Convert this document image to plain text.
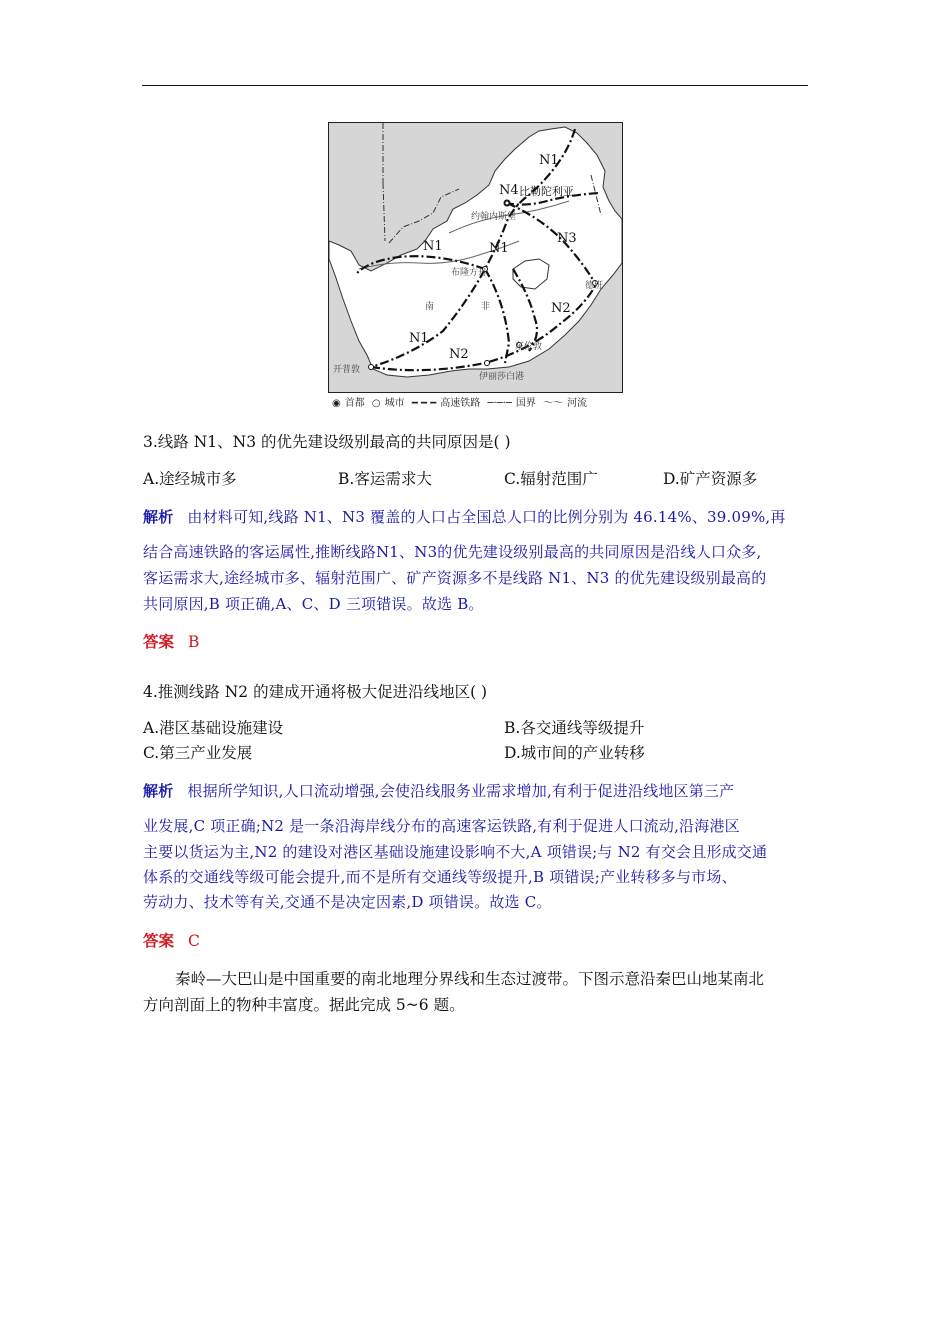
N1
N4 比勒陀利亚
约翰内斯堡
N1
N1
N3
布隆方丹
德班
南	非	N2
N1
N2	东伦敦
开普敦
伊丽莎白港
◉ 首都 ○ 城市 ━ ━ ━ 高速铁路 ─·─·─ 国界 ～～ 河流
3.线路 N1、N3 的优先建设级别最高的共同原因是( )
A.途经城市多	B.客运需求大	C.辐射范围广	D.矿产资源多
解析 由材料可知,线路 N1、N3 覆盖的人口占全国总人口的比例分别为 46.14%、39.09%,再
结合高速铁路的客运属性,推断线路N1、N3的优先建设级别最高的共同原因是沿线人口众多,
客运需求大,途经城市多、辐射范围广、矿产资源多不是线路 N1、N3 的优先建设级别最高的
共同原因,B 项正确,A、C、D 三项错误。故选 B。
答案 B
4.推测线路 N2 的建成开通将极大促进沿线地区( )
A.港区基础设施建设	B.各交通线等级提升
C.第三产业发展	D.城市间的产业转移
解析 根据所学知识,人口流动增强,会使沿线服务业需求增加,有利于促进沿线地区第三产
业发展,C 项正确;N2 是一条沿海岸线分布的高速客运铁路,有利于促进人口流动,沿海港区
主要以货运为主,N2 的建设对港区基础设施建设影响不大,A 项错误;与 N2 有交会且形成交通
体系的交通线等级可能会提升,而不是所有交通线等级提升,B 项错误;产业转移多与市场、
劳动力、技术等有关,交通不是决定因素,D 项错误。故选 C。
答案 C
秦岭—大巴山是中国重要的南北地理分界线和生态过渡带。下图示意沿秦巴山地某南北
方向剖面上的物种丰富度。据此完成 5~6 题。
